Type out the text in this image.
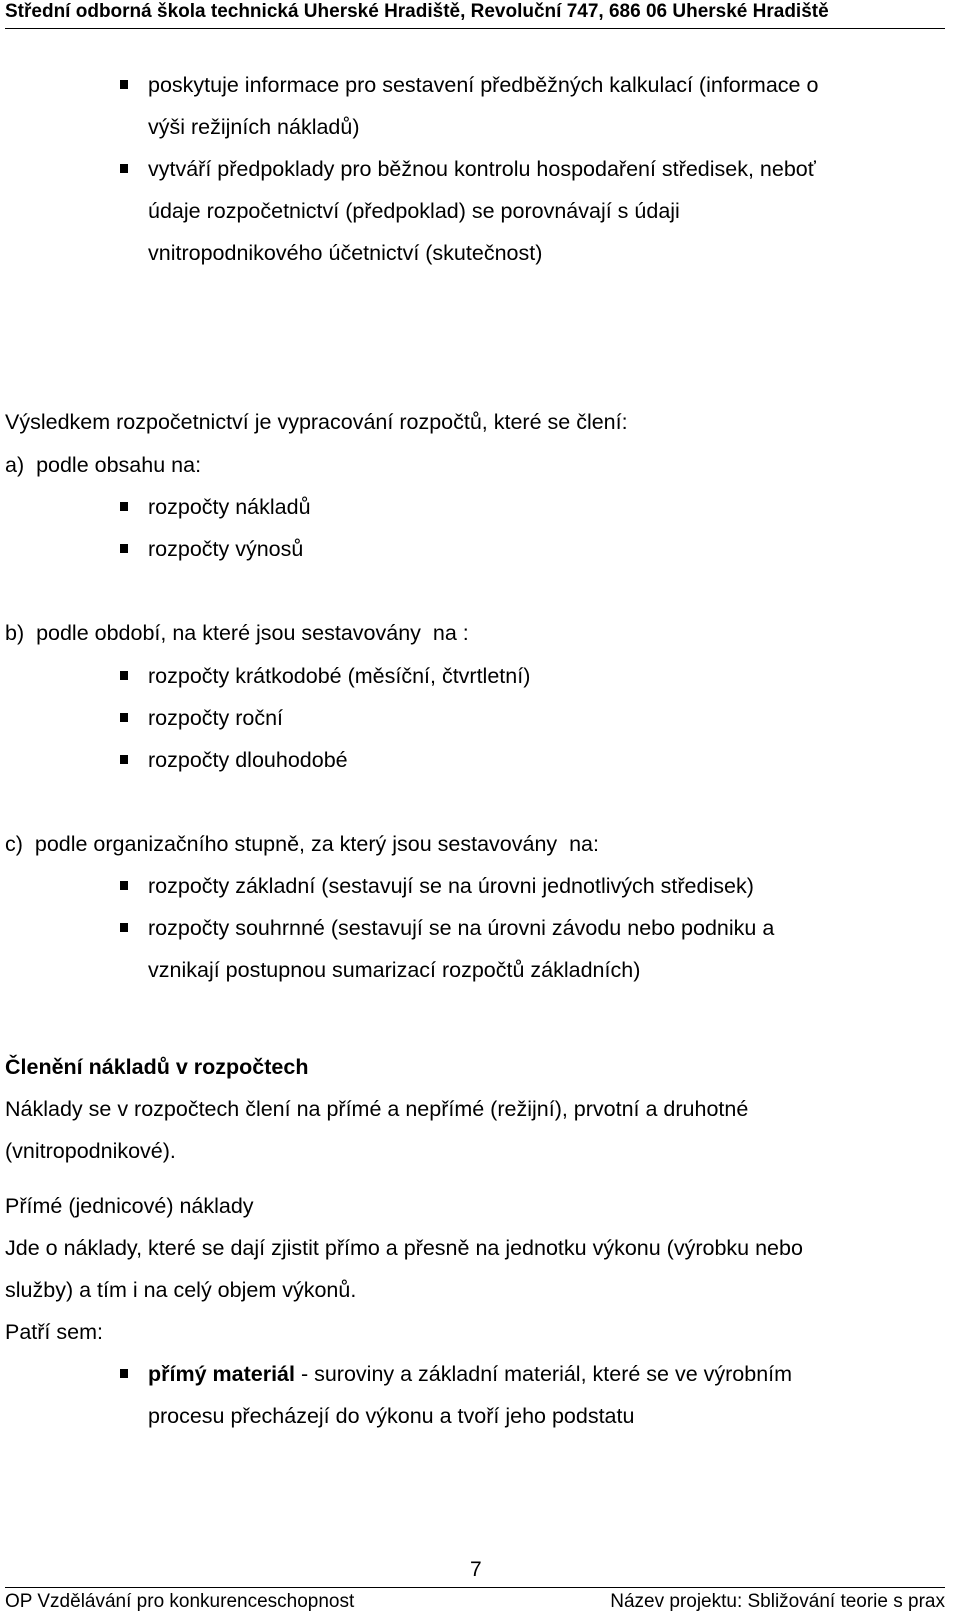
Střední odborná škola technická Uherské Hradiště, Revoluční 747, 686 06 Uherské Hradiště
poskytuje informace pro sestavení předběžných kalkulací (informace o
výši režijních nákladů)
vytváří předpoklady pro běžnou kontrolu hospodaření středisek, neboť
údaje rozpočetnictví (předpoklad) se porovnávají s údaji
vnitropodnikového účetnictví (skutečnost)
Výsledkem rozpočetnictví je vypracování rozpočtů, které se člení:
a)  podle obsahu na:
rozpočty nákladů
rozpočty výnosů
b)  podle období, na které jsou sestavovány  na :
rozpočty krátkodobé (měsíční, čtvrtletní)
rozpočty roční
rozpočty dlouhodobé
c)  podle organizačního stupně, za který jsou sestavovány  na:
rozpočty základní (sestavují se na úrovni jednotlivých středisek)
rozpočty souhrnné (sestavují se na úrovni závodu nebo podniku a
vznikají postupnou sumarizací rozpočtů základních)
Členění nákladů v rozpočtech
Náklady se v rozpočtech člení na přímé a nepřímé (režijní), prvotní a druhotné
(vnitropodnikové).
Přímé (jednicové) náklady
Jde o náklady, které se dají zjistit přímo a přesně na jednotku výkonu (výrobku nebo
služby) a tím i na celý objem výkonů.
Patří sem:
přímý materiál - suroviny a základní materiál, které se ve výrobním
procesu přecházejí do výkonu a tvoří jeho podstatu
7
OP Vzdělávání pro konkurenceschopnost	Název projektu: Sbližování teorie s prax
